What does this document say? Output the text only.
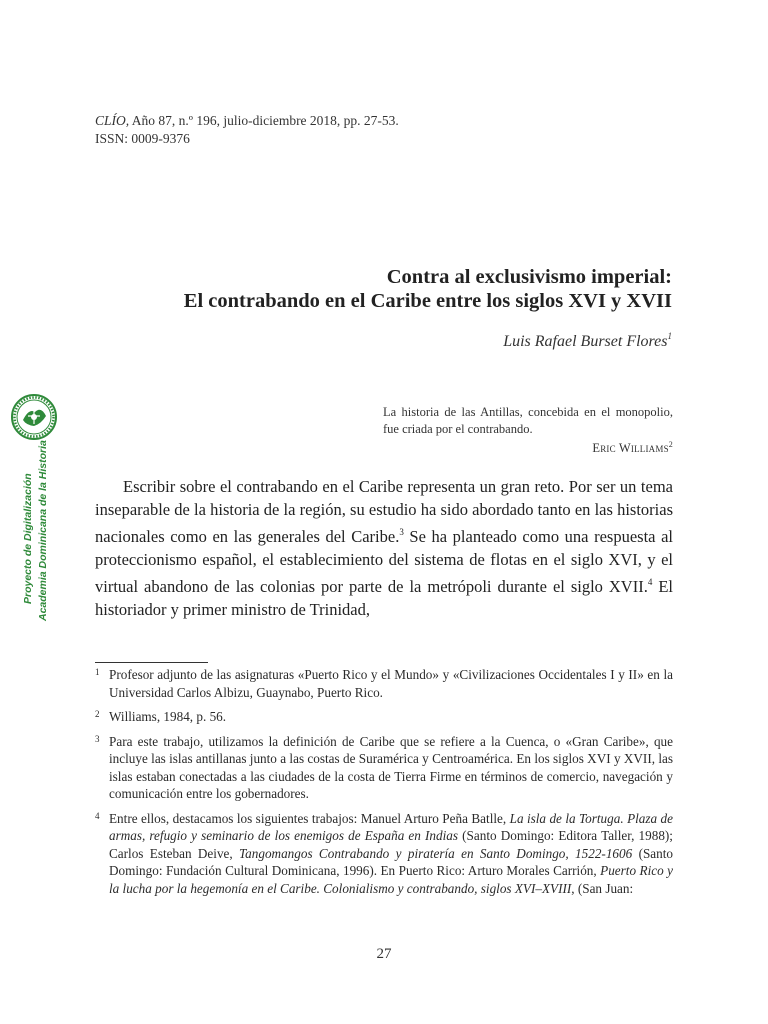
CLÍO, Año 87, n.º 196, julio-diciembre 2018, pp. 27-53.
ISSN: 0009-9376
Contra al exclusivismo imperial:
El contrabando en el Caribe entre los siglos XVI y XVII
Luis Rafael Burset Flores$^1$
La historia de las Antillas, concebida en el monopolio, fue criada por el contrabando.
Eric Williams$^2$

Escribir sobre el contrabando en el Caribe representa un gran reto. Por ser un tema inseparable de la historia de la región, su estudio ha sido abordado tanto en las historias nacionales como en las generales del Caribe.$^3$ Se ha planteado como una respuesta al proteccionismo español, el establecimiento del sistema de flotas en el siglo XVI, y el virtual abandono de las colonias por parte de la metrópoli durante el siglo XVII.$^4$ El historiador y primer ministro de Trinidad,

1 Profesor adjunto de las asignaturas «Puerto Rico y el Mundo» y «Civilizaciones Occidentales I y II» en la Universidad Carlos Albizu, Guaynabo, Puerto Rico.
2 Williams, 1984, p. 56.
3 Para este trabajo, utilizamos la definición de Caribe que se refiere a la Cuenca, o «Gran Caribe», que incluye las islas antillanas junto a las costas de Suramérica y Centroamérica. En los siglos XVI y XVII, las islas estaban conectadas a las ciudades de la costa de Tierra Firme en términos de comercio, navegación y comunicación entre los gobernadores.
4 Entre ellos, destacamos los siguientes trabajos: Manuel Arturo Peña Batlle, La isla de la Tortuga. Plaza de armas, refugio y seminario de los enemigos de España en Indias (Santo Domingo: Editora Taller, 1988); Carlos Esteban Deive, Tangomangos Contrabando y piratería en Santo Domingo, 1522-1606 (Santo Domingo: Fundación Cultural Dominicana, 1996). En Puerto Rico: Arturo Morales Carrión, Puerto Rico y la lucha por la hegemonía en el Caribe. Colonialismo y contrabando, siglos XVI–XVIII, (San Juan:
27
Proyecto de Digitalización Academia Dominicana de la Historia
